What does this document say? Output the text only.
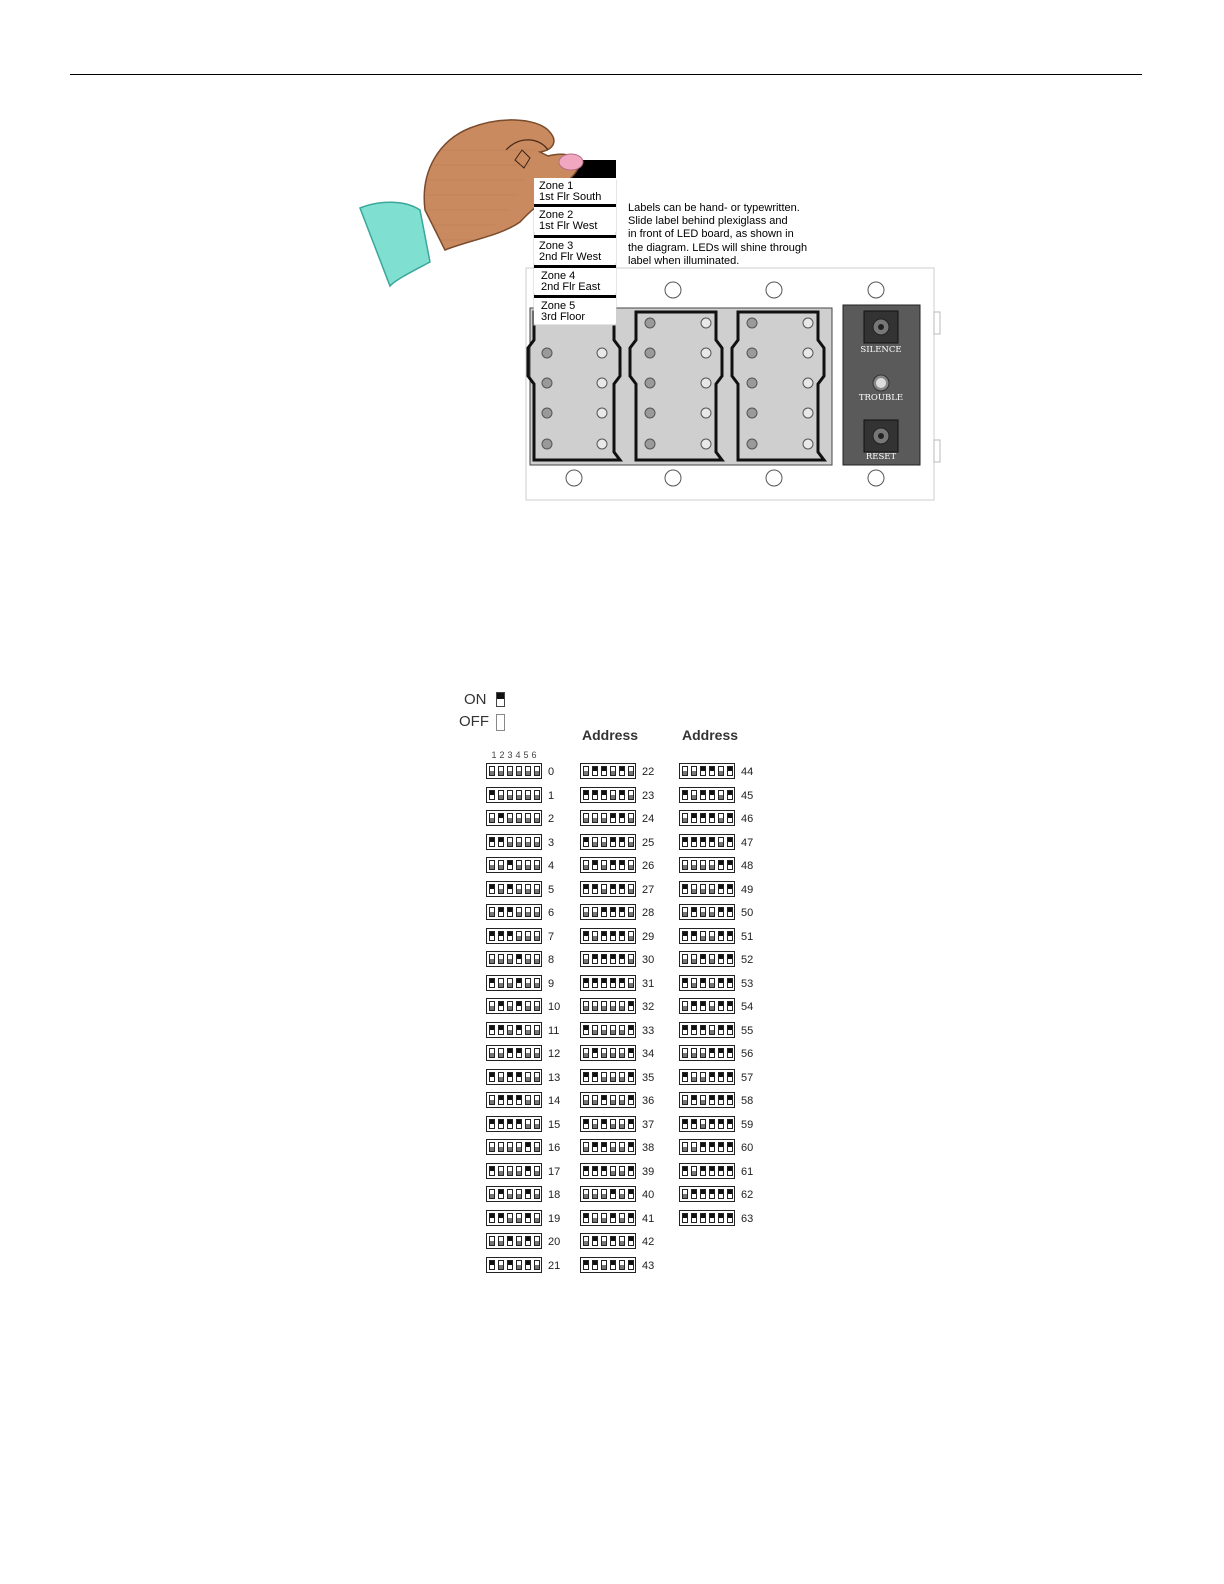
Zone 1
1st Flr South
Zone 2
1st Flr West
Zone 3
2nd Flr West
Zone 4
2nd Flr East
Zone 5
3rd Floor
Labels can be hand- or typewritten.
Slide label behind plexiglass and
in front of LED board, as shown in
the diagram. LEDs will shine through
label when illuminated.
SILENCE
TROUBLE
RESET
ON
OFF
Address	Address
1 2 3 4 5 6
0
1
2
3
4
5
6
7
8
9
10
11
12
13
14
15
16
17
18
19
20
21
22
23
24
25
26
27
28
29
30
31
32
33
34
35
36
37
38
39
40
41
42
43
44
45
46
47
48
49
50
51
52
53
54
55
56
57
58
59
60
61
62
63
